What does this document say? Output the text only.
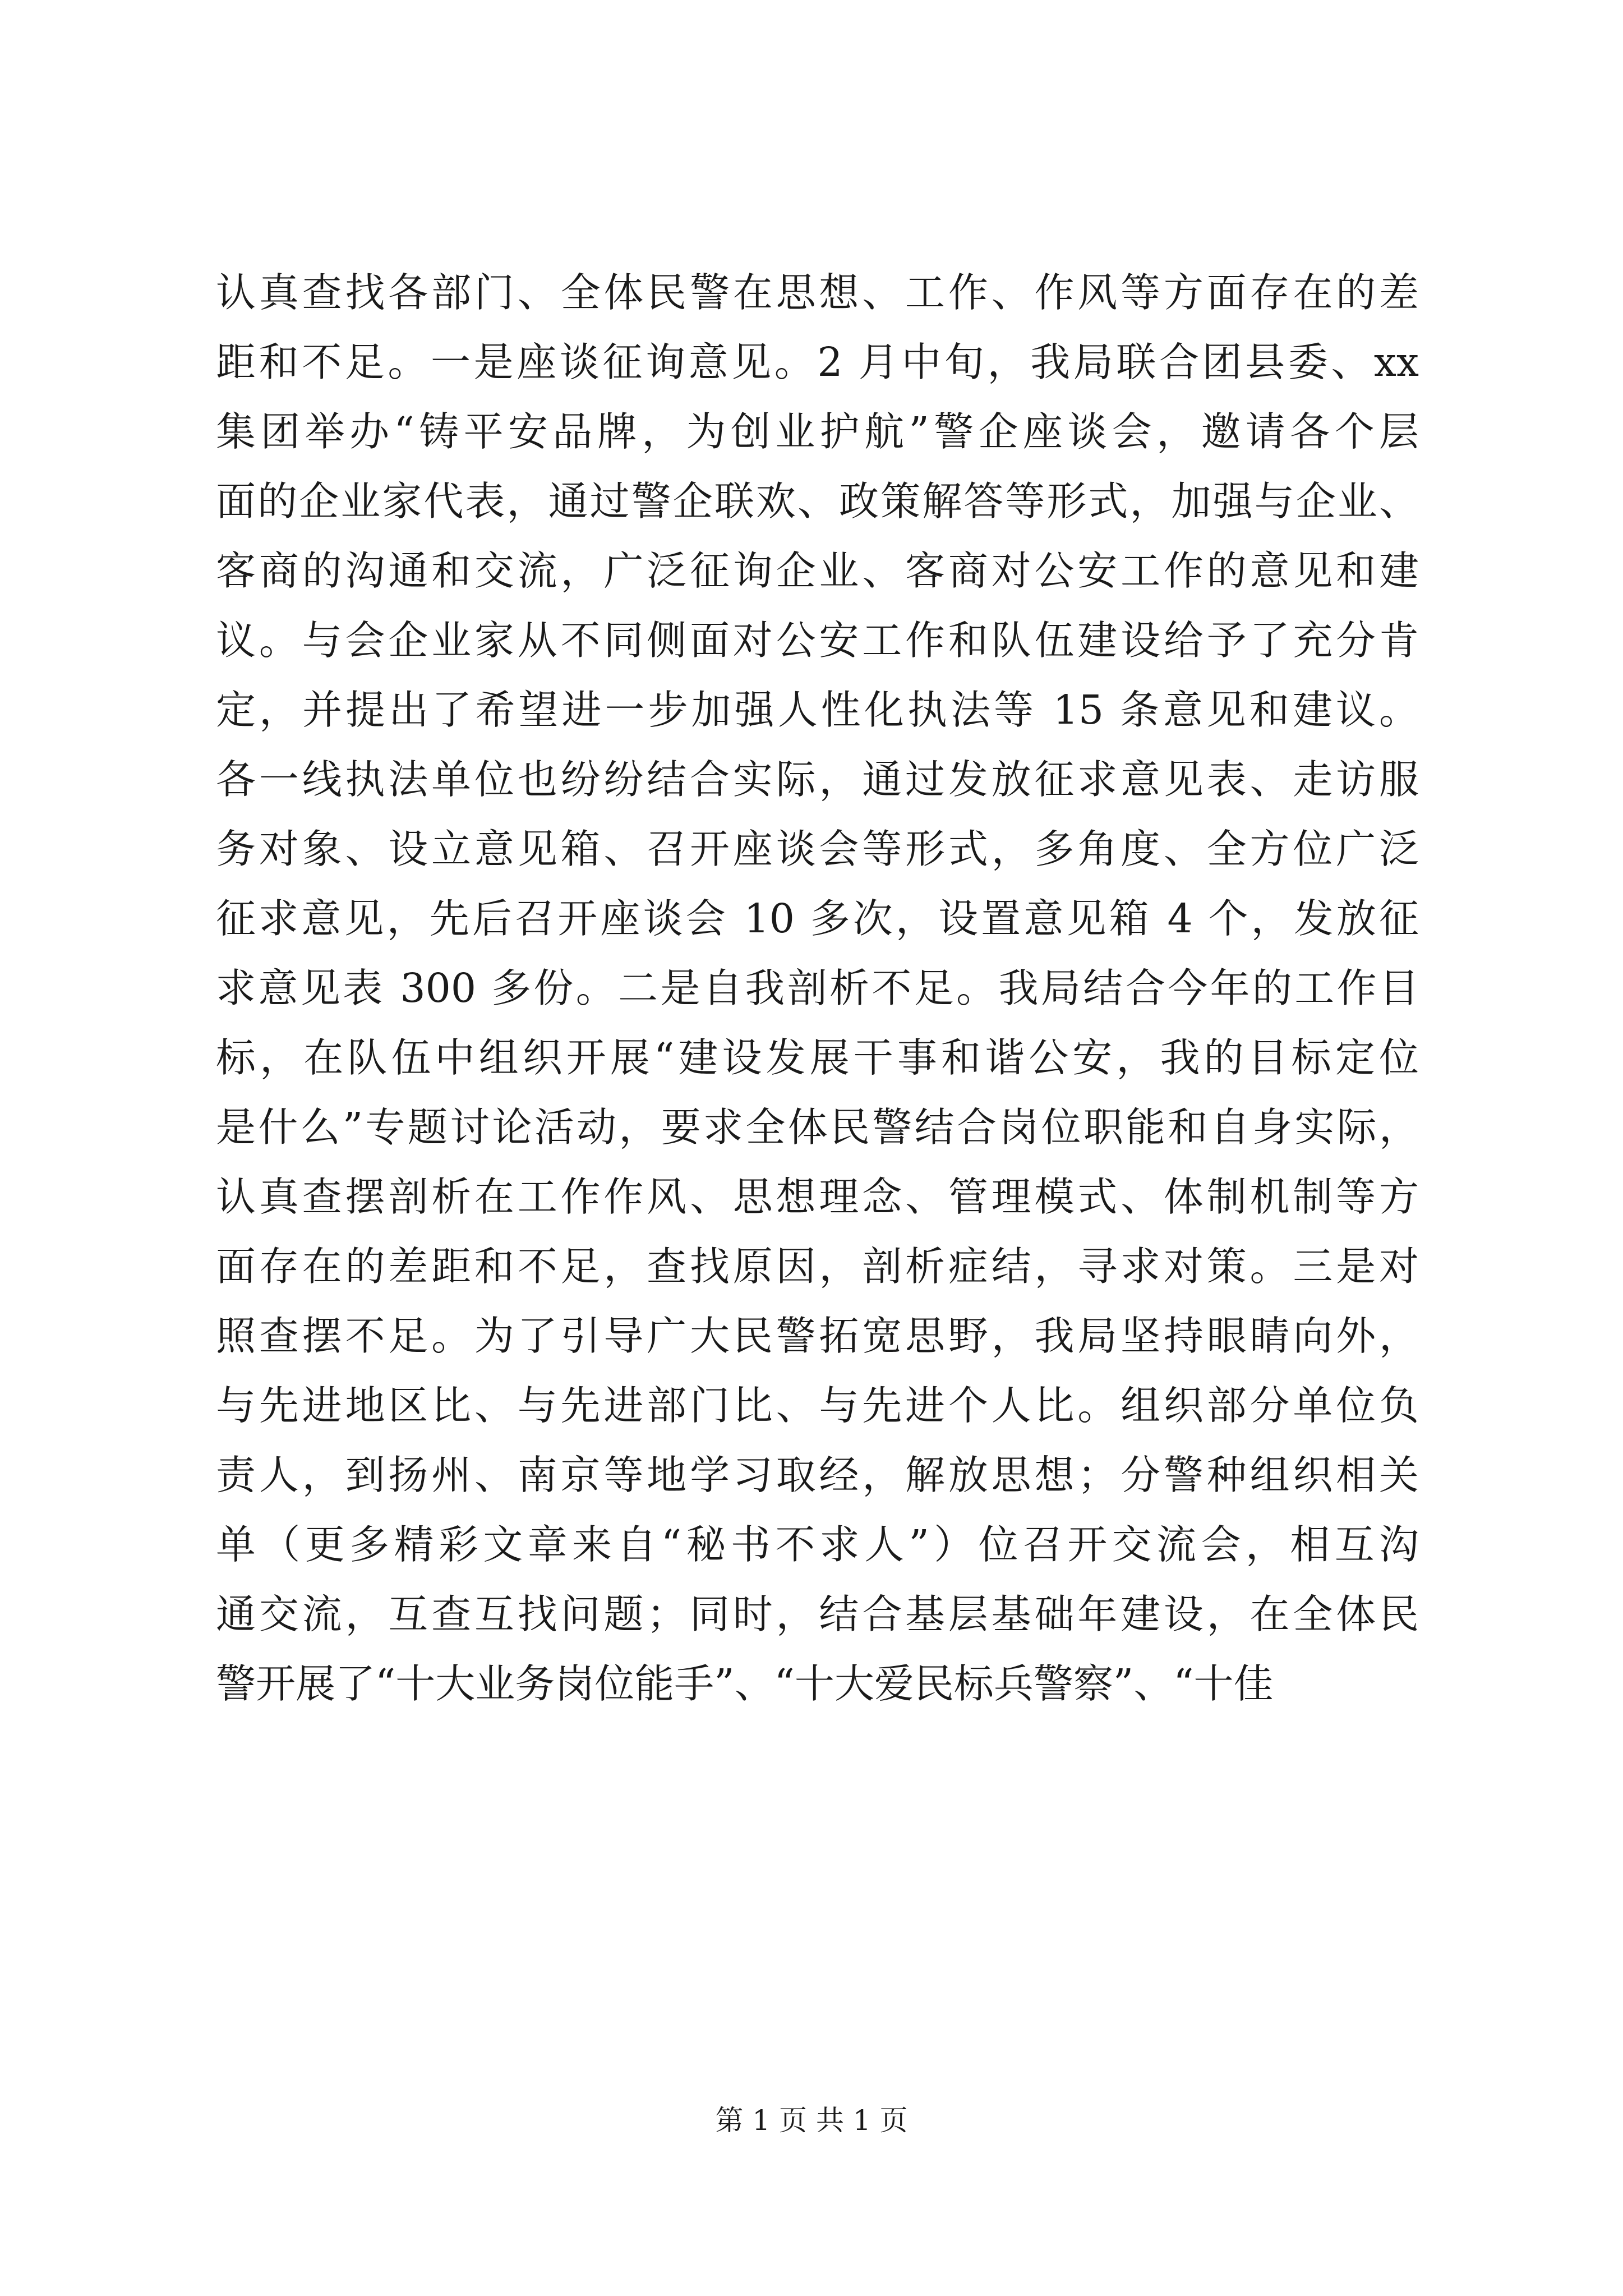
认真查找各部门、全体民警在思想、工作、作风等方面存在的差
距和不足。一是座谈征询意见。2 月中旬，我局联合团县委、xx
集团举办“铸平安品牌，为创业护航”警企座谈会，邀请各个层
面的企业家代表，通过警企联欢、政策解答等形式，加强与企业、
客商的沟通和交流，广泛征询企业、客商对公安工作的意见和建
议。与会企业家从不同侧面对公安工作和队伍建设给予了充分肯
定，并提出了希望进一步加强人性化执法等 15 条意见和建议。
各一线执法单位也纷纷结合实际，通过发放征求意见表、走访服
务对象、设立意见箱、召开座谈会等形式，多角度、全方位广泛
征求意见，先后召开座谈会 10 多次，设置意见箱 4 个，发放征
求意见表 300 多份。二是自我剖析不足。我局结合今年的工作目
标，在队伍中组织开展“建设发展干事和谐公安，我的目标定位
是什么”专题讨论活动，要求全体民警结合岗位职能和自身实际，
认真查摆剖析在工作作风、思想理念、管理模式、体制机制等方
面存在的差距和不足，查找原因，剖析症结，寻求对策。三是对
照查摆不足。为了引导广大民警拓宽思野，我局坚持眼睛向外，
与先进地区比、与先进部门比、与先进个人比。组织部分单位负
责人，到扬州、南京等地学习取经，解放思想；分警种组织相关
单（更多精彩文章来自“秘书不求人”）位召开交流会，相互沟
通交流，互查互找问题；同时，结合基层基础年建设，在全体民
警开展了“十大业务岗位能手”、“十大爱民标兵警察”、“十佳
第 1 页 共 1 页
